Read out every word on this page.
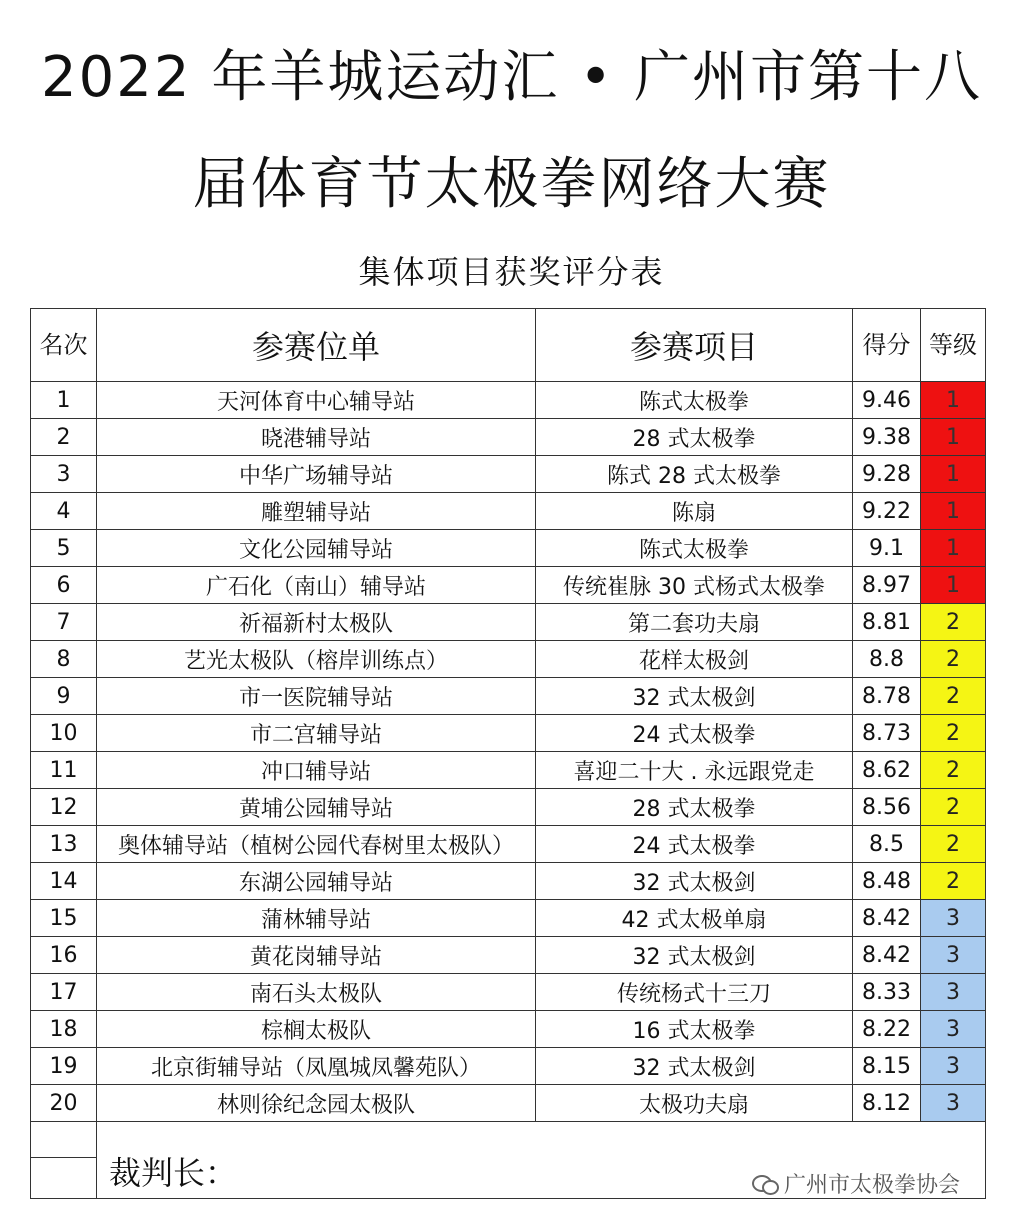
2022 年羊城运动汇 • 广州市第十八
届体育节太极拳网络大赛
集体项目获奖评分表
名次	参赛位单	参赛项目	得分	等级
1	天河体育中心辅导站	陈式太极拳	9.46	1
2	晓港辅导站	28 式太极拳	9.38	1
3	中华广场辅导站	陈式 28 式太极拳	9.28	1
4	雕塑辅导站	陈扇	9.22	1
5	文化公园辅导站	陈式太极拳	9.1	1
6	广石化（南山）辅导站	传统崔脉 30 式杨式太极拳	8.97	1
7	祈福新村太极队	第二套功夫扇	8.81	2
8	艺光太极队（榕岸训练点）	花样太极剑	8.8	2
9	市一医院辅导站	32 式太极剑	8.78	2
10	市二宫辅导站	24 式太极拳	8.73	2
11	冲口辅导站	喜迎二十大 . 永远跟党走	8.62	2
12	黄埔公园辅导站	28 式太极拳	8.56	2
13	奥体辅导站（植树公园代春树里太极队）	24 式太极拳	8.5	2
14	东湖公园辅导站	32 式太极剑	8.48	2
15	蒲林辅导站	42 式太极单扇	8.42	3
16	黄花岗辅导站	32 式太极剑	8.42	3
17	南石头太极队	传统杨式十三刀	8.33	3
18	棕榈太极队	16 式太极拳	8.22	3
19	北京街辅导站（凤凰城凤馨苑队）	32 式太极剑	8.15	3
20	林则徐纪念园太极队	太极功夫扇	8.12	3

	裁判长：				广州市太极拳协会
